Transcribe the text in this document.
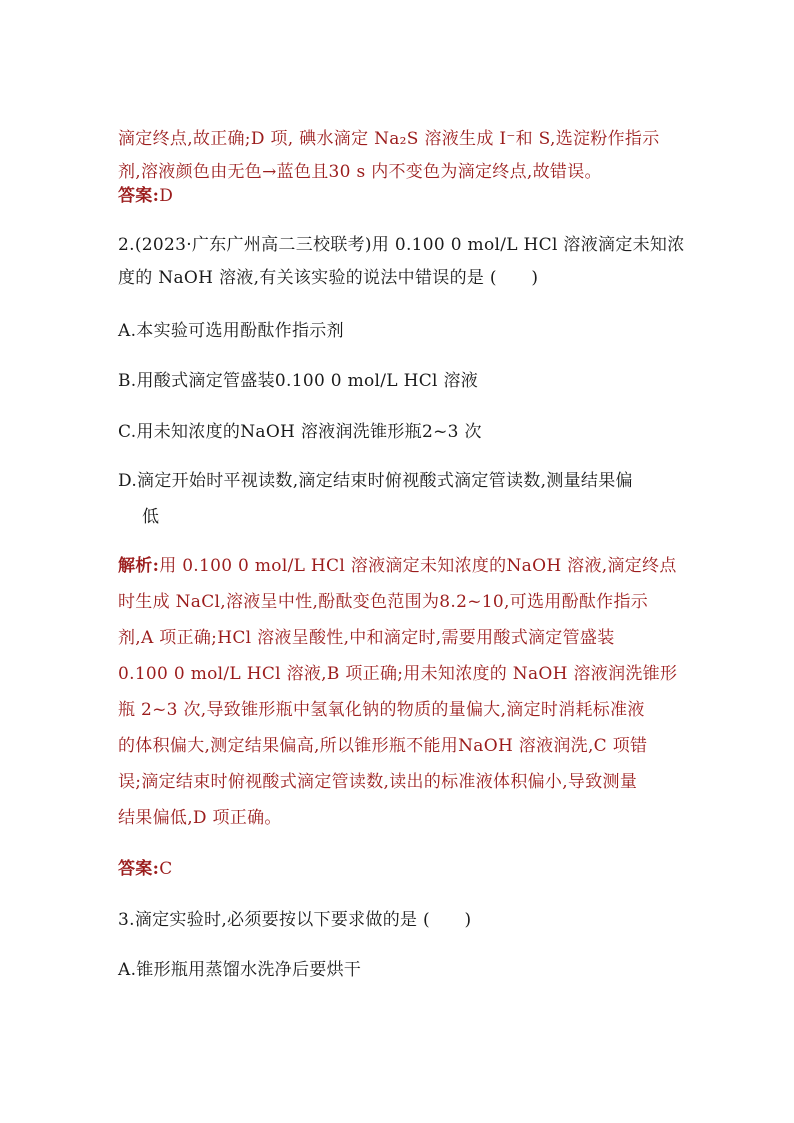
滴定终点,故正确;D 项, 碘水滴定 Na₂S 溶液生成 I⁻和 S,选淀粉作指示

剂,溶液颜色由无色→蓝色且30 s 内不变色为滴定终点,故错误。

答案:D

2.(2023·广东广州高二三校联考)用 0.100 0 mol/L HCl 溶液滴定未知浓

度的 NaOH 溶液,有关该实验的说法中错误的是 (　　)

A.本实验可选用酚酞作指示剂

B.用酸式滴定管盛装0.100 0 mol/L HCl 溶液

C.用未知浓度的NaOH 溶液润洗锥形瓶2~3 次

D.滴定开始时平视读数,滴定结束时俯视酸式滴定管读数,测量结果偏

低

解析:用 0.100 0 mol/L HCl 溶液滴定未知浓度的NaOH 溶液,滴定终点

时生成 NaCl,溶液呈中性,酚酞变色范围为8.2~10,可选用酚酞作指示

剂,A 项正确;HCl 溶液呈酸性,中和滴定时,需要用酸式滴定管盛装

0.100 0 mol/L HCl 溶液,B 项正确;用未知浓度的 NaOH 溶液润洗锥形

瓶 2~3 次,导致锥形瓶中氢氧化钠的物质的量偏大,滴定时消耗标准液

的体积偏大,测定结果偏高,所以锥形瓶不能用NaOH 溶液润洗,C 项错

误;滴定结束时俯视酸式滴定管读数,读出的标准液体积偏小,导致测量

结果偏低,D 项正确。

答案:C

3.滴定实验时,必须要按以下要求做的是 (　　)

A.锥形瓶用蒸馏水洗净后要烘干
